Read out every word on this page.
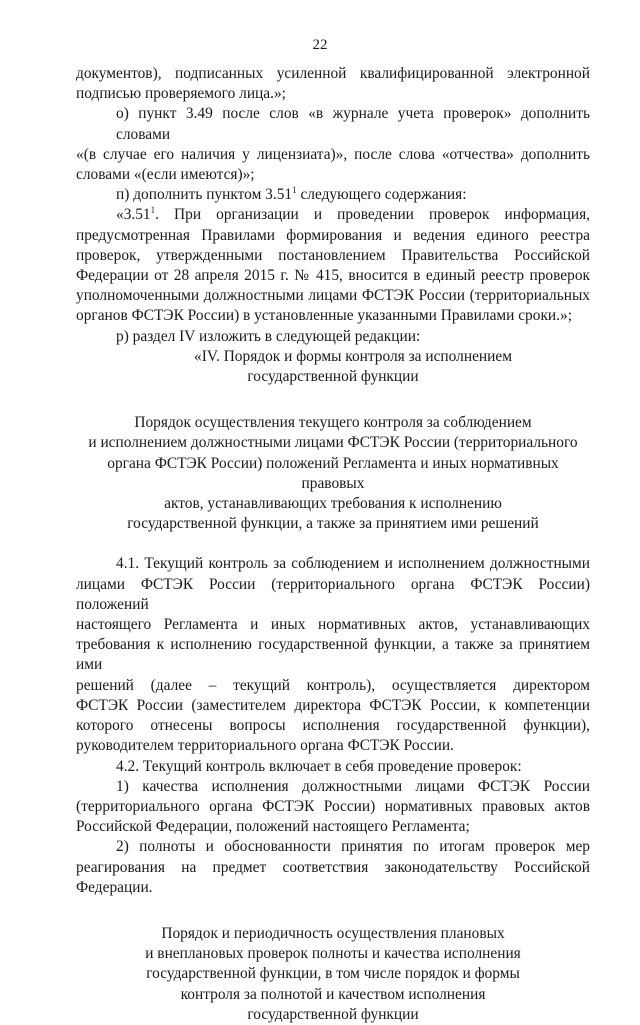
22
документов), подписанных усиленной квалифицированной электронной
подписью проверяемого лица.»;
о) пункт 3.49 после слов «в журнале учета проверок» дополнить словами
«(в случае его наличия у лицензиата)», после слова «отчества» дополнить
словами «(если имеются)»;
п) дополнить пунктом 3.51$^1$ следующего содержания:
«3.51$^1$. При организации и проведении проверок информация,
предусмотренная Правилами формирования и ведения единого реестра
проверок, утвержденными постановлением Правительства Российской
Федерации от 28 апреля 2015 г. № 415, вносится в единый реестр проверок
уполномоченными должностными лицами ФСТЭК России (территориальных
органов ФСТЭК России) в установленные указанными Правилами сроки.»;
р) раздел IV изложить в следующей редакции:
«IV. Порядок и формы контроля за исполнением
государственной функции
Порядок осуществления текущего контроля за соблюдением
и исполнением должностными лицами ФСТЭК России (территориального
органа ФСТЭК России) положений Регламента и иных нормативных правовых
актов, устанавливающих требования к исполнению
государственной функции, а также за принятием ими решений
4.1. Текущий контроль за соблюдением и исполнением должностными
лицами ФСТЭК России (территориального органа ФСТЭК России) положений
настоящего Регламента и иных нормативных актов, устанавливающих
требования к исполнению государственной функции, а также за принятием ими
решений (далее – текущий контроль), осуществляется директором
ФСТЭК России (заместителем директора ФСТЭК России, к компетенции
которого отнесены вопросы исполнения государственной функции),
руководителем территориального органа ФСТЭК России.
4.2. Текущий контроль включает в себя проведение проверок:
1) качества исполнения должностными лицами ФСТЭК России
(территориального органа ФСТЭК России) нормативных правовых актов
Российской Федерации, положений настоящего Регламента;
2) полноты и обоснованности принятия по итогам проверок мер
реагирования на предмет соответствия законодательству Российской
Федерации.
Порядок и периодичность осуществления плановых
и внеплановых проверок полноты и качества исполнения
государственной функции, в том числе порядок и формы
контроля за полнотой и качеством исполнения
государственной функции
